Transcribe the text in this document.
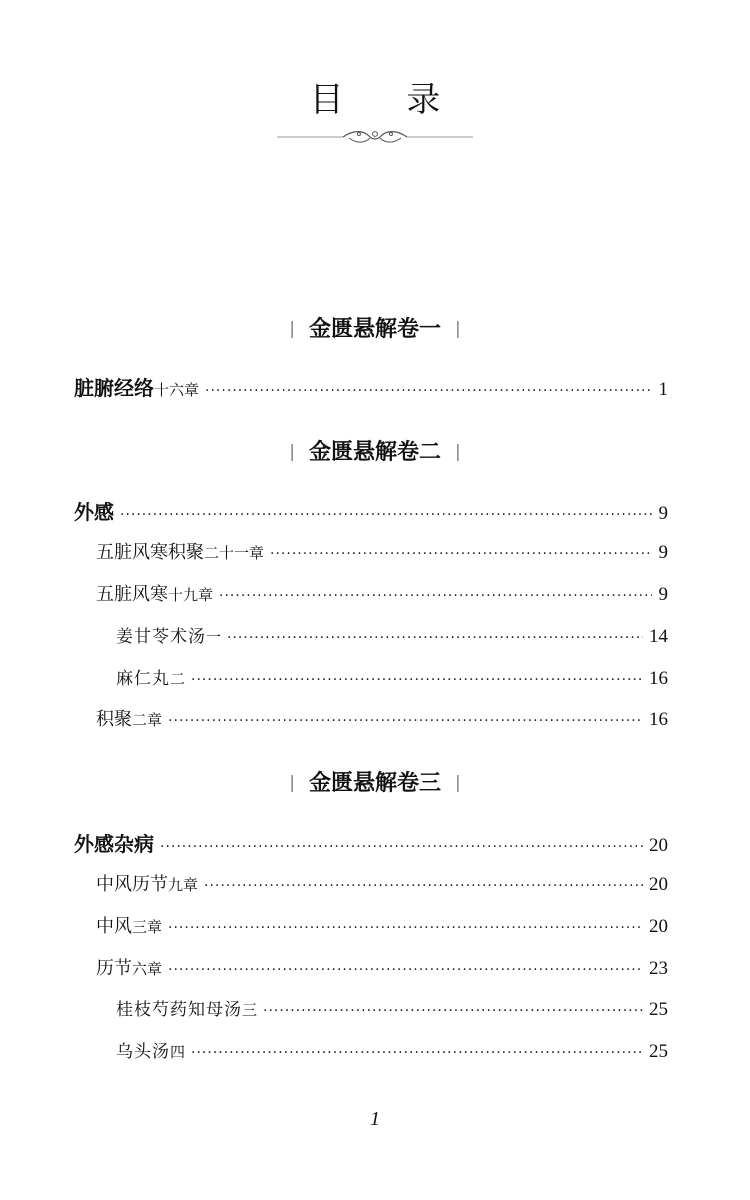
目 录
| 金匮悬解卷一 |
脏腑经络 十六章 ·····	1
| 金匮悬解卷二 |
外感 ·····	9
五脏风寒积聚 二十一章 ·····	9
五脏风寒 十九章 ·····	9
姜甘苓术汤 一 ·····	14
麻仁丸 二 ·····	16
积聚 二章 ·····	16
| 金匮悬解卷三 |
外感杂病 ·····	20
中风历节 九章 ·····	20
中风 三章 ·····	20
历节 六章 ·····	23
桂枝芍药知母汤 三 ·····	25
乌头汤 四 ·····	25
1
